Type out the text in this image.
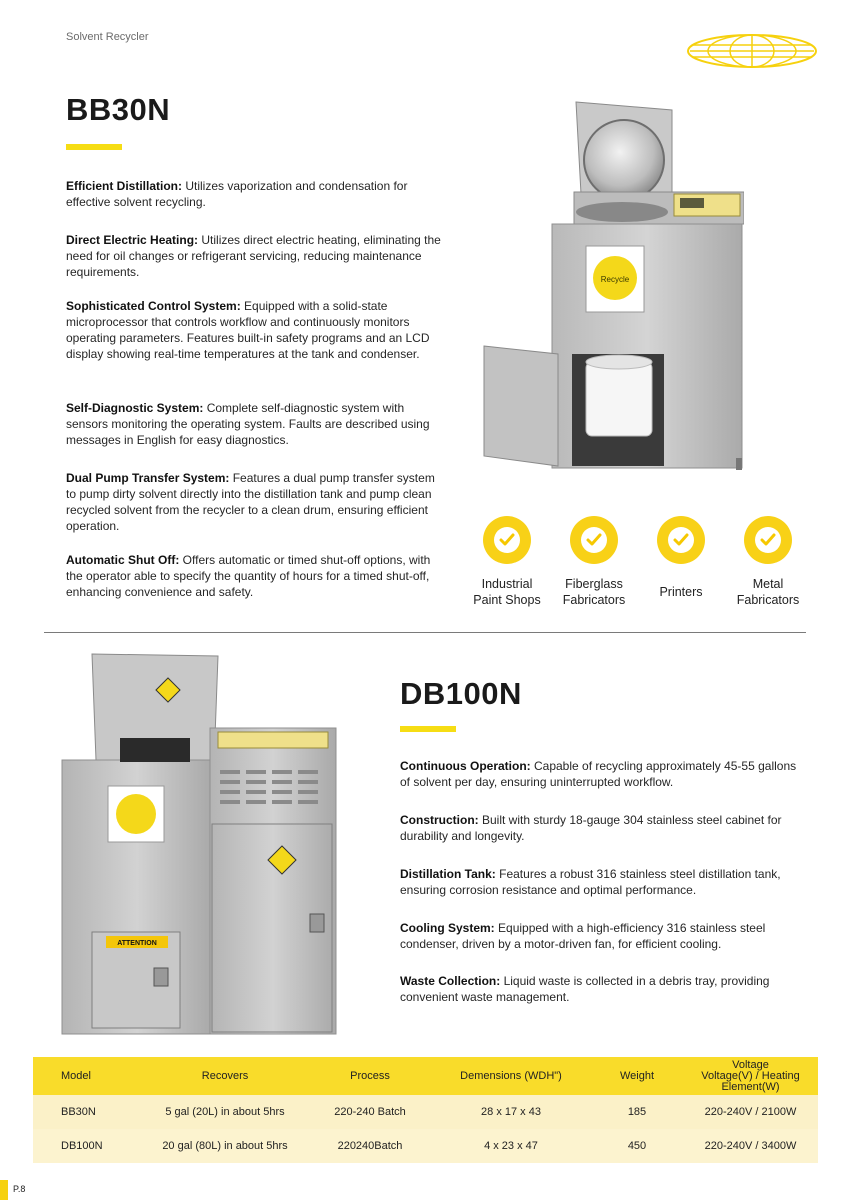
Solvent Recycler
BB30N
Efficient Distillation: Utilizes vaporization and condensation for effective solvent recycling.
Direct Electric Heating: Utilizes direct electric heating, eliminating the need for oil changes or refrigerant servicing, reducing maintenance requirements.
Sophisticated Control System: Equipped with a solid-state microprocessor that controls workflow and continuously monitors operating parameters. Features built-in safety programs and an LCD display showing real-time temperatures at the tank and condenser.
Self-Diagnostic System: Complete self-diagnostic system with sensors monitoring the operating system. Faults are described using messages in English for easy diagnostics.
Dual Pump Transfer System: Features a dual pump transfer system to pump dirty solvent directly into the distillation tank and pump clean recycled solvent from the recycler to a clean drum, ensuring efficient operation.
Automatic Shut Off: Offers automatic or timed shut-off options, with the operator able to specify the quantity of hours for a timed shut-off, enhancing convenience and safety.
Recycle
Industrial
Paint Shops
Fiberglass
Fabricators
Printers
Metal
Fabricators
ATTENTION
DB100N
Continuous Operation: Capable of recycling approximately 45-55 gallons of solvent per day, ensuring uninterrupted workflow.
Construction: Built with sturdy 18-gauge 304 stainless steel cabinet for durability and longevity.
Distillation Tank: Features a robust 316 stainless steel distillation tank, ensuring corrosion resistance and optimal performance.
Cooling System: Equipped with a high-efficiency 316 stainless steel condenser, driven by a motor-driven fan, for efficient cooling.
Waste Collection: Liquid waste is collected in a debris tray, providing convenient waste management.
Model	Recovers	Process	Demensions (WDH")	Weight	Voltage
Voltage(V) / Heating Element(W)
BB30N	5 gal (20L) in about 5hrs	220-240 Batch	28 x 17 x 43	185	220-240V / 2100W
DB100N	20 gal (80L) in about 5hrs	220240Batch	4 x 23 x 47	450	220-240V / 3400W
P.8
